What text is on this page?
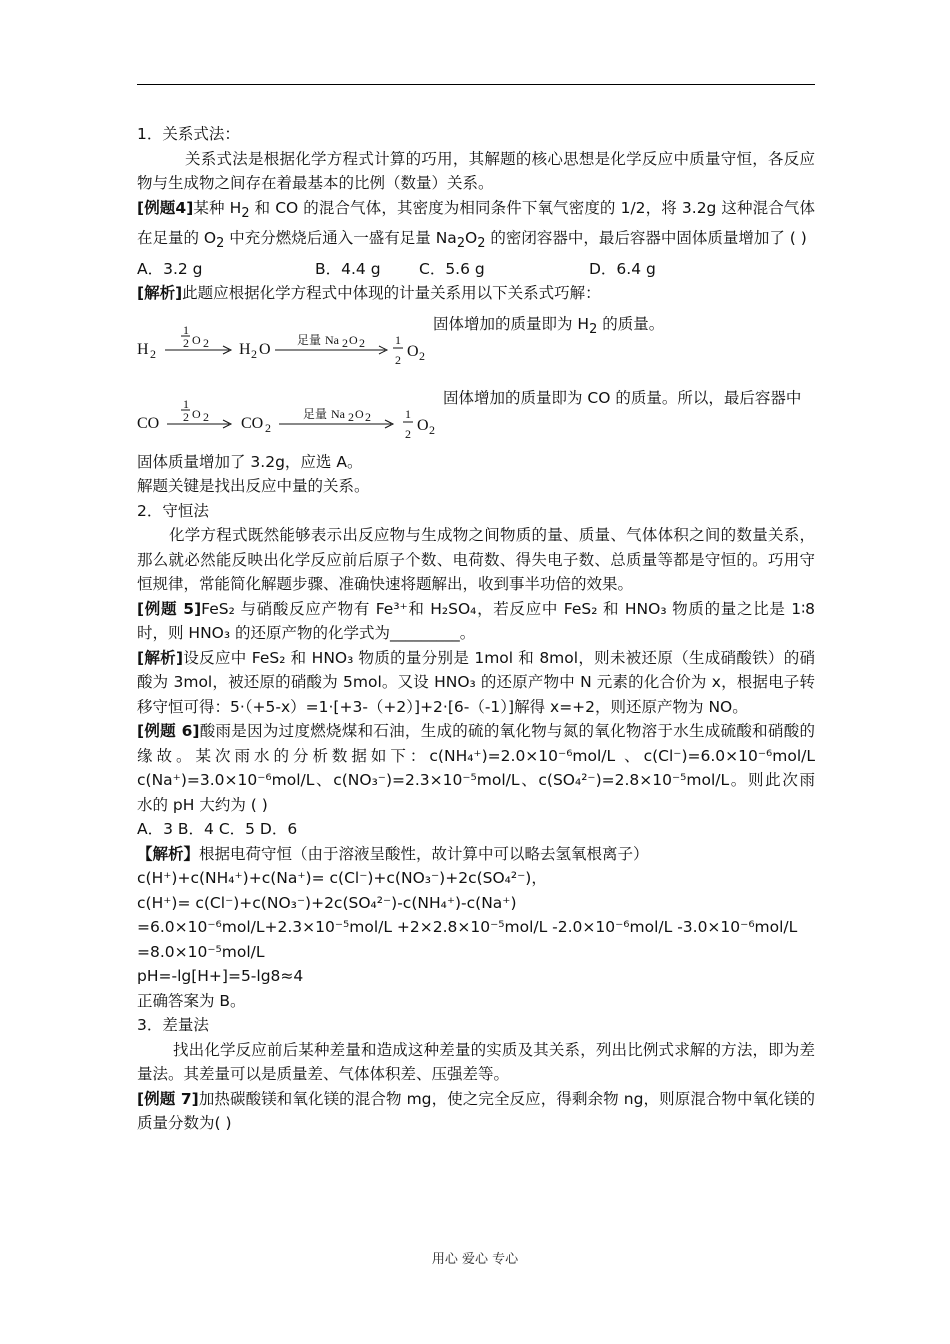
1．关系式法：

关系式法是根据化学方程式计算的巧用，其解题的核心思想是化学反应中质量守恒，各反应物与生成物之间存在着最基本的比例（数量）关系。

[例题4]某种 $H_2$ 和 CO 的混合气体，其密度为相同条件下氧气密度的 1/2，将 3.2g 这种混合气体在足量的 $O_2$ 中充分燃烧后通入一盛有足量 $Na_2O_2$ 的密闭容器中，最后容器中固体质量增加了 ( )

A．3.2 g	B．4.4 g	C．5.6 g	D．6.4 g

[解析]此题应根据化学方程式中体现的计量关系用以下关系式巧解：

H 2
1
2 O 2 H 2 O
足量 Na 2 O 2	1
2 O 2
固体增加的质量即为 $H_2$ 的质量。
CO
1
2 O 2 CO 2
足量 Na 2 O 2	1
2 O 2
固体增加的质量即为 CO 的质量。所以，最后容器中

固体质量增加了 3.2g，应选 A。

解题关键是找出反应中量的关系。

2．守恒法

化学方程式既然能够表示出反应物与生成物之间物质的量、质量、气体体积之间的数量关系，那么就必然能反映出化学反应前后原子个数、电荷数、得失电子数、总质量等都是守恒的。巧用守恒规律，常能简化解题步骤、准确快速将题解出，收到事半功倍的效果。

[例题 5]FeS₂ 与硝酸反应产物有 Fe³⁺和 H₂SO₄，若反应中 FeS₂ 和 HNO₃ 物质的量之比是 1∶8 时，则 HNO₃ 的还原产物的化学式为_________。

[解析]设反应中 FeS₂ 和 HNO₃ 物质的量分别是 1mol 和 8mol，则未被还原（生成硝酸铁）的硝酸为 3mol，被还原的硝酸为 5mol。又设 HNO₃ 的还原产物中 N 元素的化合价为 x，根据电子转移守恒可得：5·（+5-x）=1·[+3-（+2）]+2·[6-（-1）]解得 x=+2，则还原产物为 NO。

[例题 6]酸雨是因为过度燃烧煤和石油，生成的硫的氧化物与氮的氧化物溶于水生成硫酸和硝酸的缘故。某次雨水的分析数据如下：c(NH₄⁺)=2.0×10⁻⁶mol/L 、c(Cl⁻)=6.0×10⁻⁶mol/L c(Na⁺)=3.0×10⁻⁶mol/L、c(NO₃⁻)=2.3×10⁻⁵mol/L、c(SO₄²⁻)=2.8×10⁻⁵mol/L。则此次雨水的 pH 大约为 ( )

A．3 B．4 C．5 D．6

【解析】根据电荷守恒（由于溶液呈酸性，故计算中可以略去氢氧根离子）

c(H⁺)+c(NH₄⁺)+c(Na⁺)= c(Cl⁻)+c(NO₃⁻)+2c(SO₄²⁻)，

c(H⁺)= c(Cl⁻)+c(NO₃⁻)+2c(SO₄²⁻)-c(NH₄⁺)-c(Na⁺)

=6.0×10⁻⁶mol/L+2.3×10⁻⁵mol/L +2×2.8×10⁻⁵mol/L -2.0×10⁻⁶mol/L -3.0×10⁻⁶mol/L

=8.0×10⁻⁵mol/L

pH=-lg[H+]=5-lg8≈4

正确答案为 B。

3．差量法

找出化学反应前后某种差量和造成这种差量的实质及其关系，列出比例式求解的方法，即为差量法。其差量可以是质量差、气体体积差、压强差等。

[例题 7]加热碳酸镁和氧化镁的混合物 mg，使之完全反应，得剩余物 ng，则原混合物中氧化镁的质量分数为( )

用心 爱心 专心
